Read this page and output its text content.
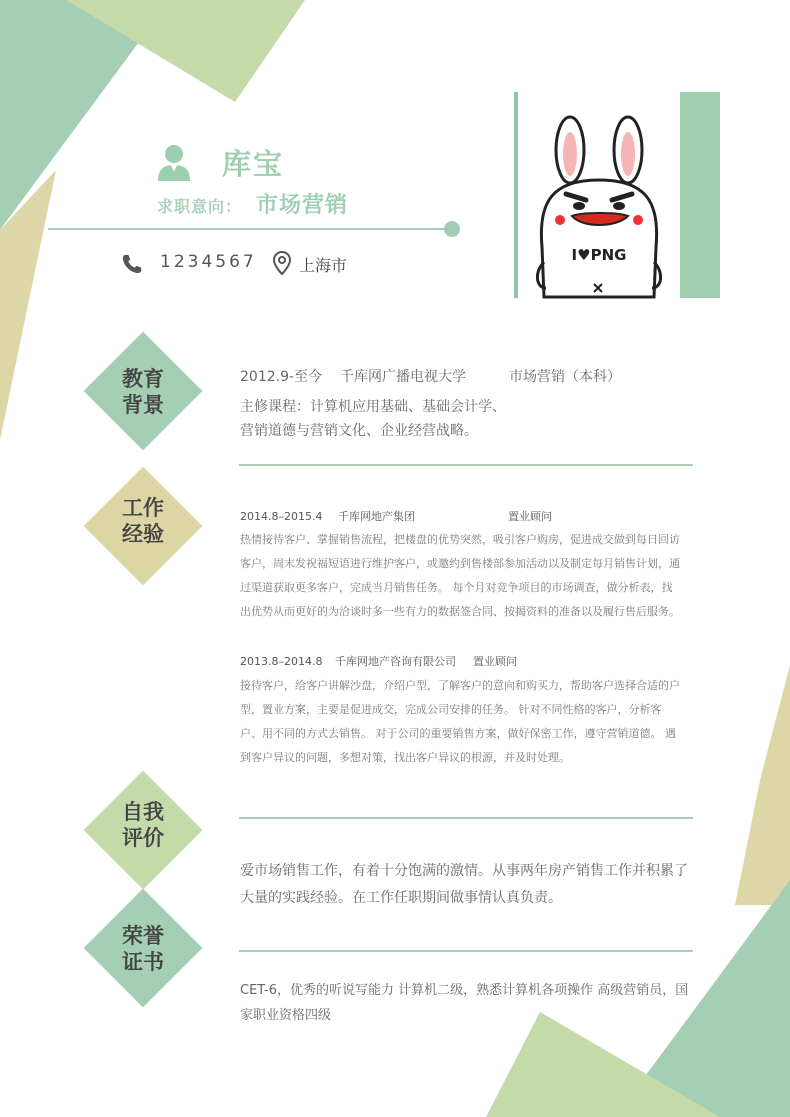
库宝
求职意向： 市场营销
1234567	上海市
I♥PNG
教育
背景
2012.9-至今 千库网广播电视大学	市场营销（本科）
主修课程：计算机应用基础、基础会计学、
营销道德与营销文化、企业经营战略。
工作
经验
2014.8–2015.4 千库网地产集团	置业顾问
热情接待客户、掌握销售流程，把楼盘的优势突然，吸引客户购房，促进成交做到每日回访客户，周末发祝福短语进行维护客户，或邀约到售楼部参加活动以及制定每月销售计划，通过渠道获取更多客户，完成当月销售任务。 每个月对竞争项目的市场调查，做分析表，找出优势从而更好的为洽谈时多一些有力的数据签合同、按揭资料的准备以及履行售后服务。
2013.8–2014.8 千库网地产咨询有限公司 置业顾问
接待客户，给客户讲解沙盘，介绍户型，了解客户的意向和购买力，帮助客户选择合适的户型，置业方案，主要是促进成交，完成公司安排的任务。 针对不同性格的客户，分析客户、用不同的方式去销售。 对于公司的重要销售方案，做好保密工作，遵守营销道德。 遇到客户异议的问题，多想对策，找出客户异议的根源，并及时处理。
自我
评价
爱市场销售工作，有着十分饱满的激情。从事两年房产销售工作并积累了大量的实践经验。在工作任职期间做事情认真负责。
荣誉
证书
CET-6，优秀的听说写能力 计算机二级，熟悉计算机各项操作 高级营销员，国家职业资格四级
